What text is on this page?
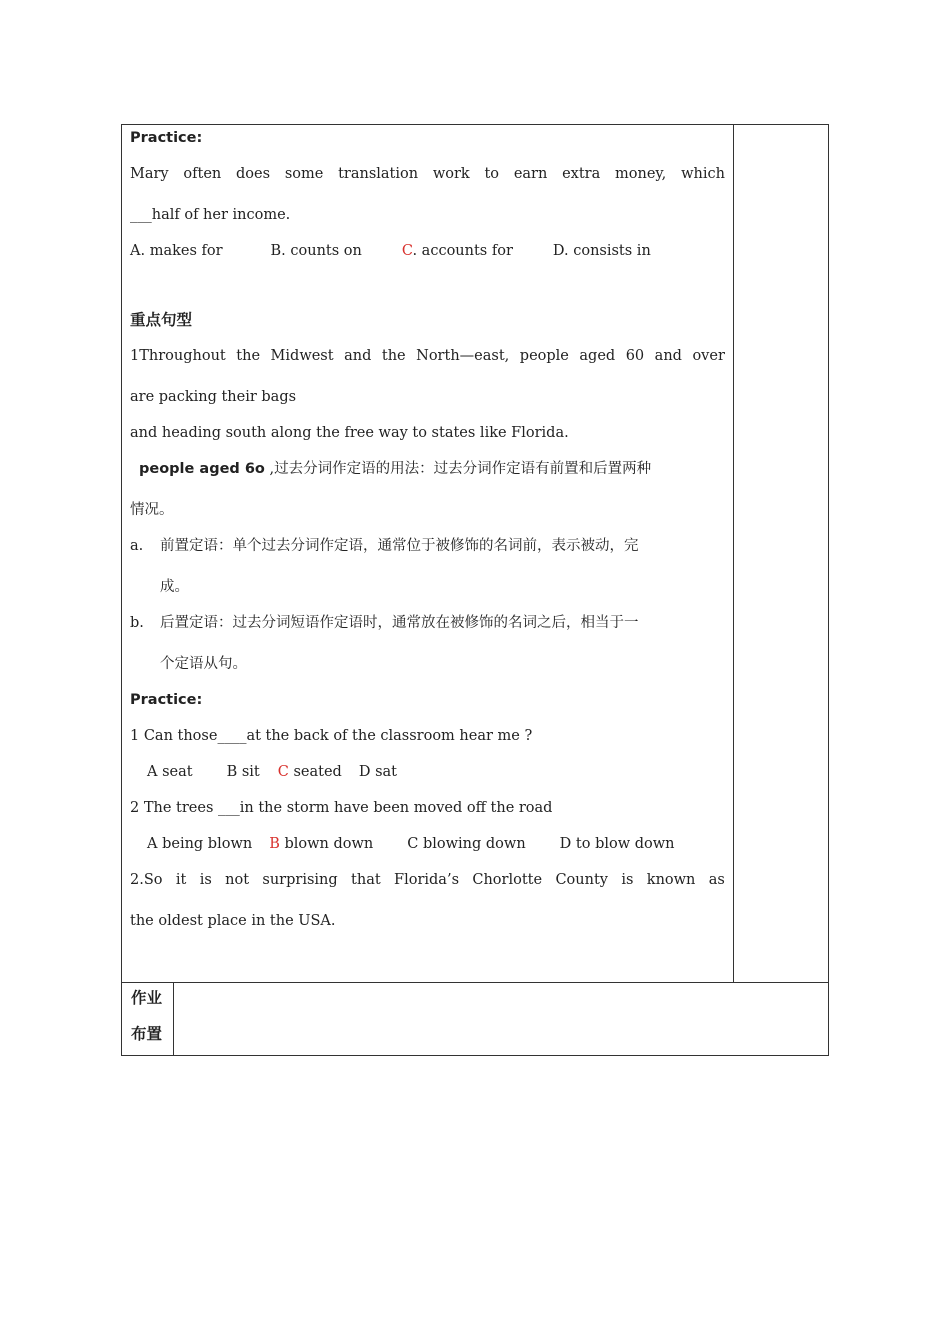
Practice:
Mary often does some translation work to earn extra money, which
___half of her income.
A. makes for	B. counts on	C. accounts for	D. consists in
重点句型
1Throughout the Midwest and the North—east, people aged 60 and over
are packing their bags
and heading south along the free way to states like Florida.
people aged 6o ,过去分词作定语的用法：过去分词作定语有前置和后置两种
情况。
a. 前置定语：单个过去分词作定语，通常位于被修饰的名词前，表示被动，完
成。
b. 后置定语：过去分词短语作定语时，通常放在被修饰的名词之后，相当于一
个定语从句。
Practice:
1 Can those____at the back of the classroom hear me ?
A seat B sit C seated D sat
2 The trees ___in the storm have been moved off the road
A being blown B blown down C blowing down D to blow down
2.So it is not surprising that Florida’s Chorlotte County is known as
the oldest place in the USA.
作业
布置
